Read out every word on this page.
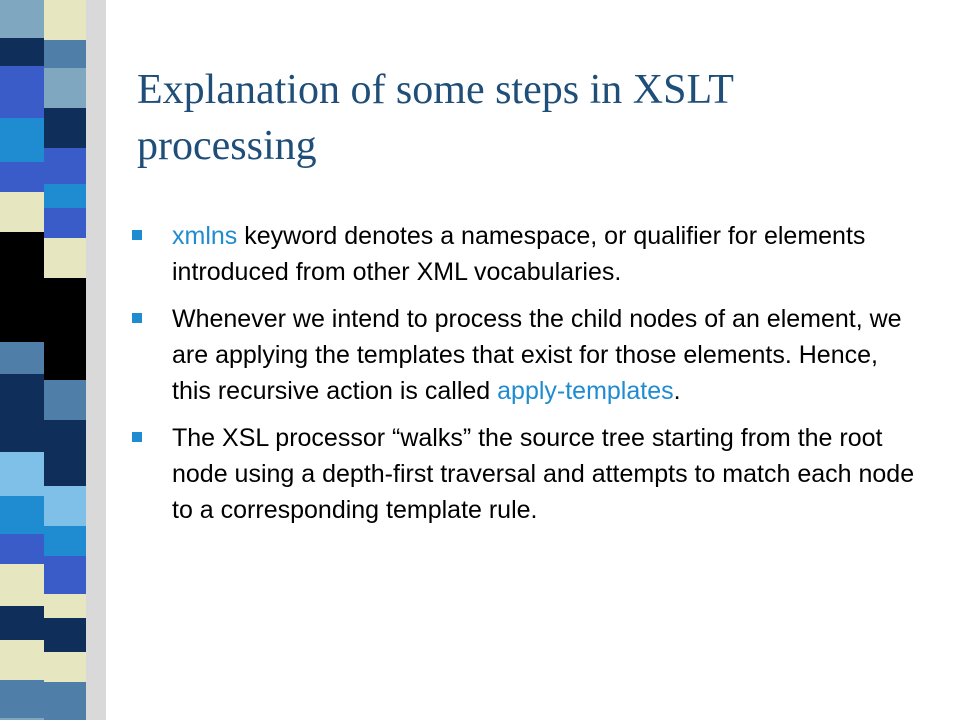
Explanation of some steps in XSLT processing
xmlns keyword denotes a namespace, or qualifier for elements introduced from other XML vocabularies.
Whenever we intend to process the child nodes of an element, we are applying the templates that exist for those elements. Hence, this recursive action is called apply-templates.
The XSL processor “walks” the source tree starting from the root node using a depth-first traversal and attempts to match each node to a corresponding template rule.
